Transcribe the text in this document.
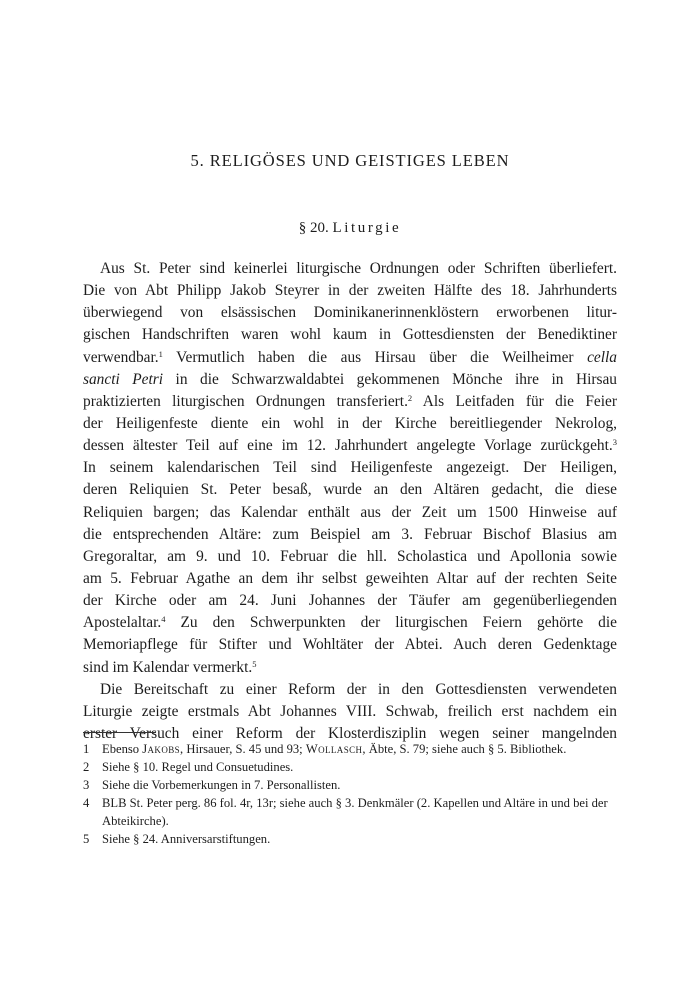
5. RELIGÖSES UND GEISTIGES LEBEN
§ 20. Liturgie
Aus St. Peter sind keinerlei liturgische Ordnungen oder Schriften überliefert.
Die von Abt Philipp Jakob Steyrer in der zweiten Hälfte des 18. Jahrhunderts
überwiegend von elsässischen Dominikanerinnenklöstern erworbenen litur-
gischen Handschriften waren wohl kaum in Gottesdiensten der Benediktiner
verwendbar.$^1$ Vermutlich haben die aus Hirsau über die Weilheimer cella
sancti Petri in die Schwarzwaldabtei gekommenen Mönche ihre in Hirsau
praktizierten liturgischen Ordnungen transferiert.$^2$ Als Leitfaden für die Feier
der Heiligenfeste diente ein wohl in der Kirche bereitliegender Nekrolog,
dessen ältester Teil auf eine im 12. Jahrhundert angelegte Vorlage zurückgeht.$^3$
In seinem kalendarischen Teil sind Heiligenfeste angezeigt. Der Heiligen,
deren Reliquien St. Peter besaß, wurde an den Altären gedacht, die diese
Reliquien bargen; das Kalendar enthält aus der Zeit um 1500 Hinweise auf
die entsprechenden Altäre: zum Beispiel am 3. Februar Bischof Blasius am
Gregoraltar, am 9. und 10. Februar die hll. Scholastica und Apollonia sowie
am 5. Februar Agathe an dem ihr selbst geweihten Altar auf der rechten Seite
der Kirche oder am 24. Juni Johannes der Täufer am gegenüberliegenden
Apostelaltar.$^4$ Zu den Schwerpunkten der liturgischen Feiern gehörte die
Memoriapflege für Stifter und Wohltäter der Abtei. Auch deren Gedenktage
sind im Kalendar vermerkt.$^5$
Die Bereitschaft zu einer Reform der in den Gottesdiensten verwendeten
Liturgie zeigte erstmals Abt Johannes VIII. Schwab, freilich erst nachdem ein
erster Versuch einer Reform der Klosterdisziplin wegen seiner mangelnden
1 Ebenso Jakobs, Hirsauer, S. 45 und 93; Wollasch, Äbte, S. 79; siehe auch § 5. Bibliothek.
2 Siehe § 10. Regel und Consuetudines.
3 Siehe die Vorbemerkungen in 7. Personallisten.
4 BLB St. Peter perg. 86 fol. 4r, 13r; siehe auch § 3. Denkmäler (2. Kapellen und Altäre in und bei der Abteikirche).
5 Siehe § 24. Anniversarstiftungen.
